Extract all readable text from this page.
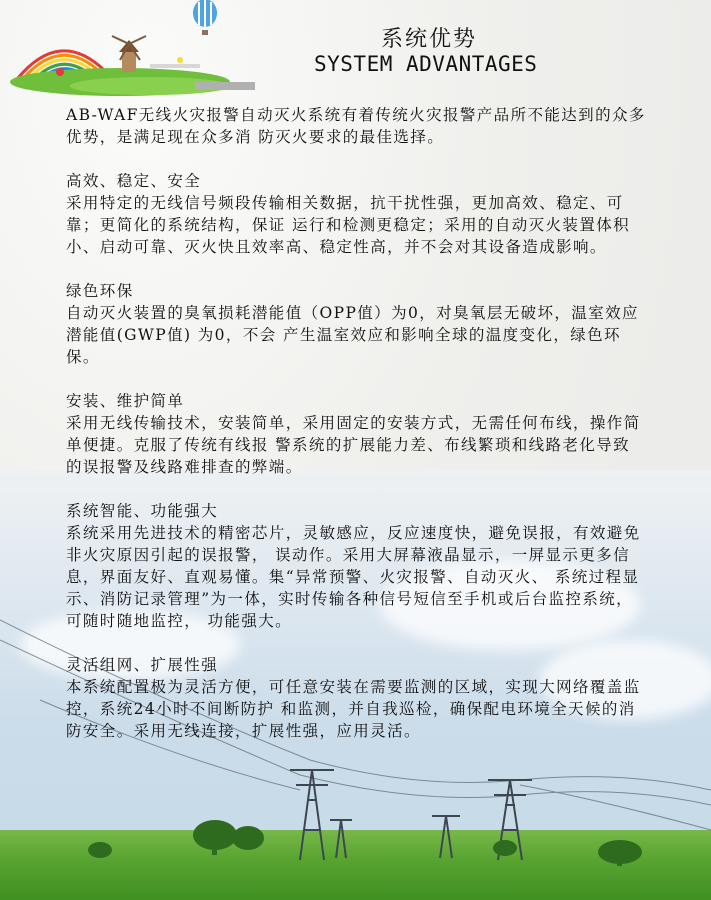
系统优势
SYSTEM ADVANTAGES

AB-WAF无线火灾报警自动灭火系统有着传统火灾报警产品所不能达到的众多优势，是满足现在众多消 防灭火要求的最佳选择。

高效、稳定、安全

采用特定的无线信号频段传输相关数据，抗干扰性强，更加高效、稳定、可靠；更简化的系统结构，保证 运行和检测更稳定；采用的自动灭火装置体积小、启动可靠、灭火快且效率高、稳定性高，并不会对其设备造成影响。

绿色环保

自动灭火装置的臭氧损耗潜能值（OPP值）为0，对臭氧层无破坏，温室效应潜能值(GWP值) 为0，不会 产生温室效应和影响全球的温度变化，绿色环保。

安装、维护简单

采用无线传输技术，安装简单，采用固定的安装方式，无需任何布线，操作简单便捷。克服了传统有线报 警系统的扩展能力差、布线繁琐和线路老化导致的误报警及线路难排查的弊端。

系统智能、功能强大

系统采用先进技术的精密芯片，灵敏感应，反应速度快，避免误报，有效避免非火灾原因引起的误报警， 误动作。采用大屏幕液晶显示，一屏显示更多信息，界面友好、直观易懂。集“异常预警、火灾报警、自动灭火、 系统过程显示、消防记录管理”为一体，实时传输各种信号短信至手机或后台监控系统，可随时随地监控， 功能强大。

灵活组网、扩展性强

本系统配置极为灵活方便，可任意安装在需要监测的区域，实现大网络覆盖监控，系统24小时不间断防护 和监测，并自我巡检，确保配电环境全天候的消防安全。采用无线连接，扩展性强，应用灵活。
